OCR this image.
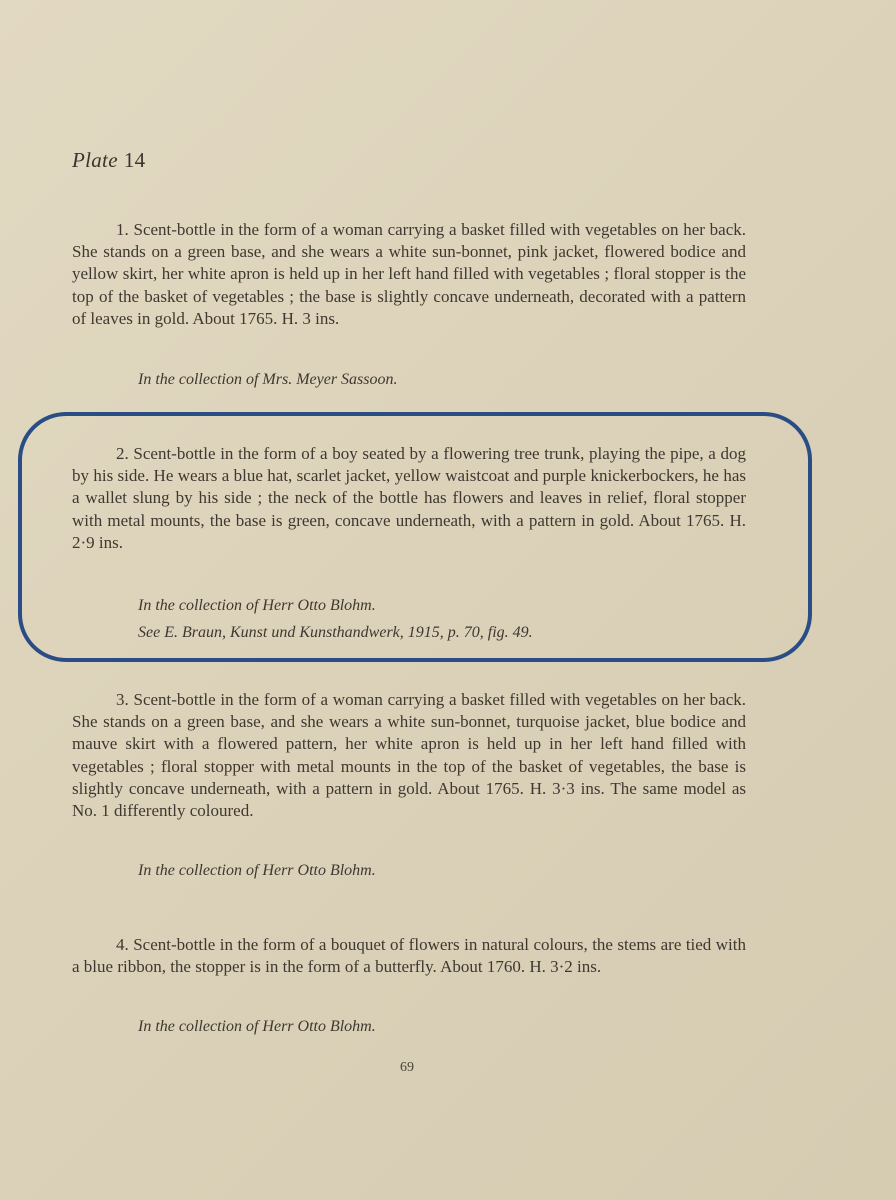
Plate 14

1. Scent-bottle in the form of a woman carrying a basket filled with vegetables on her back. She stands on a green base, and she wears a white sun-bonnet, pink jacket, flowered bodice and yellow skirt, her white apron is held up in her left hand filled with vegetables ; floral stopper is the top of the basket of vegetables ; the base is slightly concave underneath, decorated with a pattern of leaves in gold. About 1765. H. 3 ins.

In the collection of Mrs. Meyer Sassoon.

2. Scent-bottle in the form of a boy seated by a flowering tree trunk, playing the pipe, a dog by his side. He wears a blue hat, scarlet jacket, yellow waistcoat and purple knickerbockers, he has a wallet slung by his side ; the neck of the bottle has flowers and leaves in relief, floral stopper with metal mounts, the base is green, concave underneath, with a pattern in gold. About 1765. H. 2·9 ins.

In the collection of Herr Otto Blohm.
See E. Braun, Kunst und Kunsthandwerk, 1915, p. 70, fig. 49.

3. Scent-bottle in the form of a woman carrying a basket filled with vegetables on her back. She stands on a green base, and she wears a white sun-bonnet, turquoise jacket, blue bodice and mauve skirt with a flowered pattern, her white apron is held up in her left hand filled with vegetables ; floral stopper with metal mounts in the top of the basket of vegetables, the base is slightly concave underneath, with a pattern in gold. About 1765. H. 3·3 ins. The same model as No. 1 differently coloured.

In the collection of Herr Otto Blohm.

4. Scent-bottle in the form of a bouquet of flowers in natural colours, the stems are tied with a blue ribbon, the stopper is in the form of a butterfly. About 1760. H. 3·2 ins.

In the collection of Herr Otto Blohm.
69
